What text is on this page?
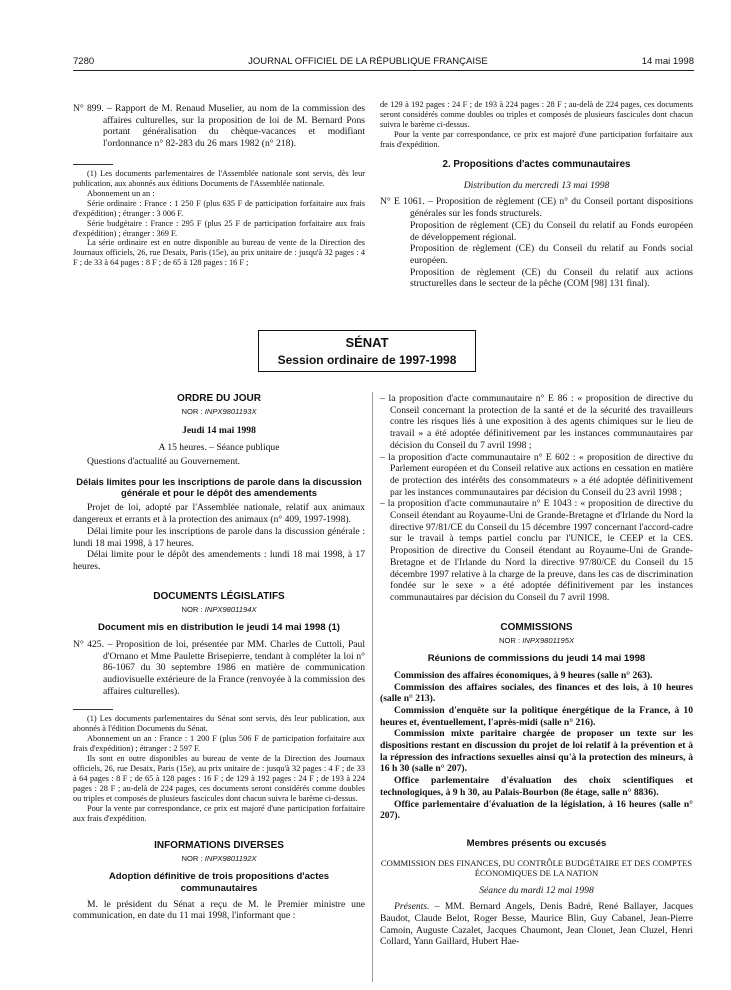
7280	JOURNAL OFFICIEL DE LA RÉPUBLIQUE FRANÇAISE	14 mai 1998

N° 899. – Rapport de M. Renaud Muselier, au nom de la commission des affaires culturelles, sur la proposition de loi de M. Bernard Pons portant généralisation du chèque-vacances et modifiant l'ordonnance n° 82-283 du 26 mars 1982 (n° 218).

(1) Les documents parlementaires de l'Assemblée nationale sont servis, dès leur publication, aux abonnés aux éditions Documents de l'Assemblée nationale.

Abonnement un an :

Série ordinaire : France : 1 250 F (plus 635 F de participation forfaitaire aux frais d'expédition) ; étranger : 3 006 F.

Série budgétaire : France : 295 F (plus 25 F de participation forfaitaire aux frais d'expédition) ; étranger : 369 F.

La série ordinaire est en outre disponible au bureau de vente de la Direction des Journaux officiels, 26, rue Desaix, Paris (15e), au prix unitaire de : jusqu'à 32 pages : 4 F ; de 33 à 64 pages : 8 F ; de 65 à 128 pages : 16 F ;

de 129 à 192 pages : 24 F ; de 193 à 224 pages : 28 F ; au-delà de 224 pages, ces documents seront considérés comme doubles ou triples et composés de plusieurs fascicules dont chacun suivra le barème ci-dessus.

Pour la vente par correspondance, ce prix est majoré d'une participation forfaitaire aux frais d'expédition.

2. Propositions d'actes communautaires

Distribution du mercredi 13 mai 1998

N° E 1061. – Proposition de règlement (CE) n° du Conseil portant dispositions générales sur les fonds structurels.

Proposition de règlement (CE) du Conseil du relatif au Fonds européen de développement régional.

Proposition de règlement (CE) du Conseil du relatif au Fonds social européen.

Proposition de règlement (CE) du Conseil du relatif aux actions structurelles dans le secteur de la pêche (COM [98] 131 final).

SÉNAT
Session ordinaire de 1997-1998
ORDRE DU JOUR
NOR : INPX9801193X

Jeudi 14 mai 1998

A 15 heures. – Séance publique

Questions d'actualité au Gouvernement.

Délais limites pour les inscriptions de parole dans la discussion générale et pour le dépôt des amendements

Projet de loi, adopté par l'Assemblée nationale, relatif aux animaux dangereux et errants et à la protection des animaux (n° 409, 1997-1998).

Délai limite pour les inscriptions de parole dans la discussion générale : lundi 18 mai 1998, à 17 heures.

Délai limite pour le dépôt des amendements : lundi 18 mai 1998, à 17 heures.

DOCUMENTS LÉGISLATIFS
NOR : INPX9801194X

Document mis en distribution le jeudi 14 mai 1998 (1)

N° 425. – Proposition de loi, présentée par MM. Charles de Cuttoli, Paul d'Ornano et Mme Paulette Brisepierre, tendant à compléter la loi n° 86-1067 du 30 septembre 1986 en matière de communication audiovisuelle extérieure de la France (renvoyée à la commission des affaires culturelles).

(1) Les documents parlementaires du Sénat sont servis, dès leur publication, aux abonnés à l'édition Documents du Sénat.

Abonnement un an : France : 1 200 F (plus 506 F de participation forfaitaire aux frais d'expédition) ; étranger : 2 597 F.

Ils sont en outre disponibles au bureau de vente de la Direction des Journaux officiels, 26, rue Desaix, Paris (15e), au prix unitaire de : jusqu'à 32 pages : 4 F ; de 33 à 64 pages : 8 F ; de 65 à 128 pages : 16 F ; de 129 à 192 pages : 24 F ; de 193 à 224 pages : 28 F ; au-delà de 224 pages, ces documents seront considérés comme doubles ou triples et composés de plusieurs fascicules dont chacun suivra le barème ci-dessus.

Pour la vente par correspondance, ce prix est majoré d'une participation forfaitaire aux frais d'expédition.

INFORMATIONS DIVERSES
NOR : INPX9801192X

Adoption définitive de trois propositions d'actes communautaires

M. le président du Sénat a reçu de M. le Premier ministre une communication, en date du 11 mai 1998, l'informant que :

– la proposition d'acte communautaire n° E 86 : « proposition de directive du Conseil concernant la protection de la santé et de la sécurité des travailleurs contre les risques liés à une exposition à des agents chimiques sur le lieu de travail » a été adoptée définitivement par les instances communautaires par décision du Conseil du 7 avril 1998 ;

– la proposition d'acte communautaire n° E 602 : « proposition de directive du Parlement européen et du Conseil relative aux actions en cessation en matière de protection des intérêts des consommateurs » a été adoptée définitivement par les instances communautaires par décision du Conseil du 23 avril 1998 ;

– la proposition d'acte communautaire n° E 1043 : « proposition de directive du Conseil étendant au Royaume-Uni de Grande-Bretagne et d'Irlande du Nord la directive 97/81/CE du Conseil du 15 décembre 1997 concernant l'accord-cadre sur le travail à temps partiel conclu par l'UNICE, le CEEP et la CES. Proposition de directive du Conseil étendant au Royaume-Uni de Grande-Bretagne et de l'Irlande du Nord la directive 97/80/CE du Conseil du 15 décembre 1997 relative à la charge de la preuve, dans les cas de discrimination fondée sur le sexe » a été adoptée définitivement par les instances communautaires par décision du Conseil du 7 avril 1998.

COMMISSIONS
NOR : INPX9801195X

Réunions de commissions du jeudi 14 mai 1998

Commission des affaires économiques, à 9 heures (salle n° 263).

Commission des affaires sociales, des finances et des lois, à 10 heures (salle n° 213).

Commission d'enquête sur la politique énergétique de la France, à 10 heures et, éventuellement, l'après-midi (salle n° 216).

Commission mixte paritaire chargée de proposer un texte sur les dispositions restant en discussion du projet de loi relatif à la prévention et à la répression des infractions sexuelles ainsi qu'à la protection des mineurs, à 16 h 30 (salle n° 207).

Office parlementaire d'évaluation des choix scientifiques et technologiques, à 9 h 30, au Palais-Bourbon (8e étage, salle n° 8836).

Office parlementaire d'évaluation de la législation, à 16 heures (salle n° 207).

Membres présents ou excusés

COMMISSION DES FINANCES, DU CONTRÔLE BUDGÉTAIRE ET DES COMPTES ÉCONOMIQUES DE LA NATION

Séance du mardi 12 mai 1998

Présents. – MM. Bernard Angels, Denis Badré, René Ballayer, Jacques Baudot, Claude Belot, Roger Besse, Maurice Blin, Guy Cabanel, Jean-Pierre Camoin, Auguste Cazalet, Jacques Chaumont, Jean Clouet, Jean Cluzel, Henri Collard, Yann Gaillard, Hubert Hae-
